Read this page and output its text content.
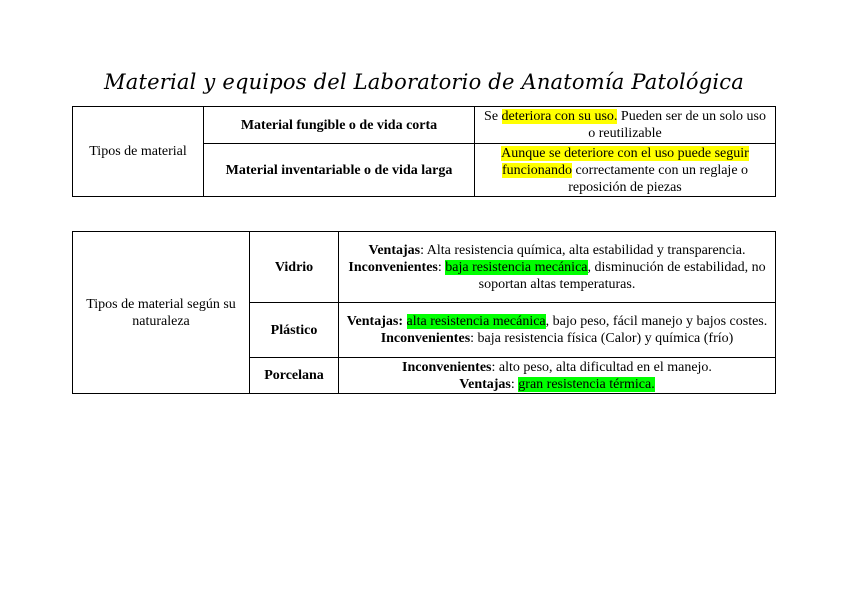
Material y equipos del Laboratorio de Anatomía Patológica
Tipos de material	Material fungible o de vida corta	Se deteriora con su uso. Pueden ser de un solo uso o reutilizable
	Material inventariable o de vida larga	Aunque se deteriore con el uso puede seguir funcionando correctamente con un reglaje o reposición de piezas
Tipos de material según su naturaleza	Vidrio	Ventajas: Alta resistencia química, alta estabilidad y transparencia.
Inconvenientes: baja resistencia mecánica, disminución de estabilidad, no soportan altas temperaturas.

	Plástico	Ventajas: alta resistencia mecánica, bajo peso, fácil manejo y bajos costes.
Inconvenientes: baja resistencia física (Calor) y química (frío)

	Porcelana	Inconvenientes: alto peso, alta dificultad en el manejo.
Ventajas: gran resistencia térmica.
